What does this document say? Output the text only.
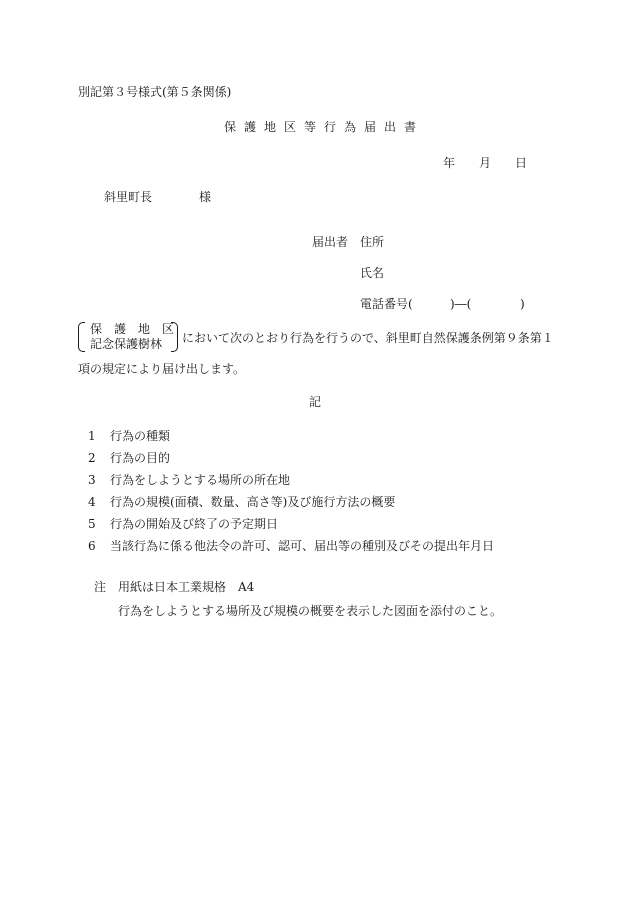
別記第３号様式(第５条関係)
保護地区等行為届出書
年 月 日
斜里町長	様
届出者 住所
氏名
電話番号(	)―(	)
保　護　地　区
記念保護樹林 において次のとおり行為を行うので、斜里町自然保護条例第９条第１
項の規定により届け出します。
記
1 行為の種類
2 行為の目的
3 行為をしようとする場所の所在地
4 行為の規模(面積、数量、高さ等)及び施行方法の概要
5 行為の開始及び終了の予定期日
6 当該行為に係る他法令の許可、認可、届出等の種別及びその提出年月日
注 用紙は日本工業規格　A4
行為をしようとする場所及び規模の概要を表示した図面を添付のこと。
